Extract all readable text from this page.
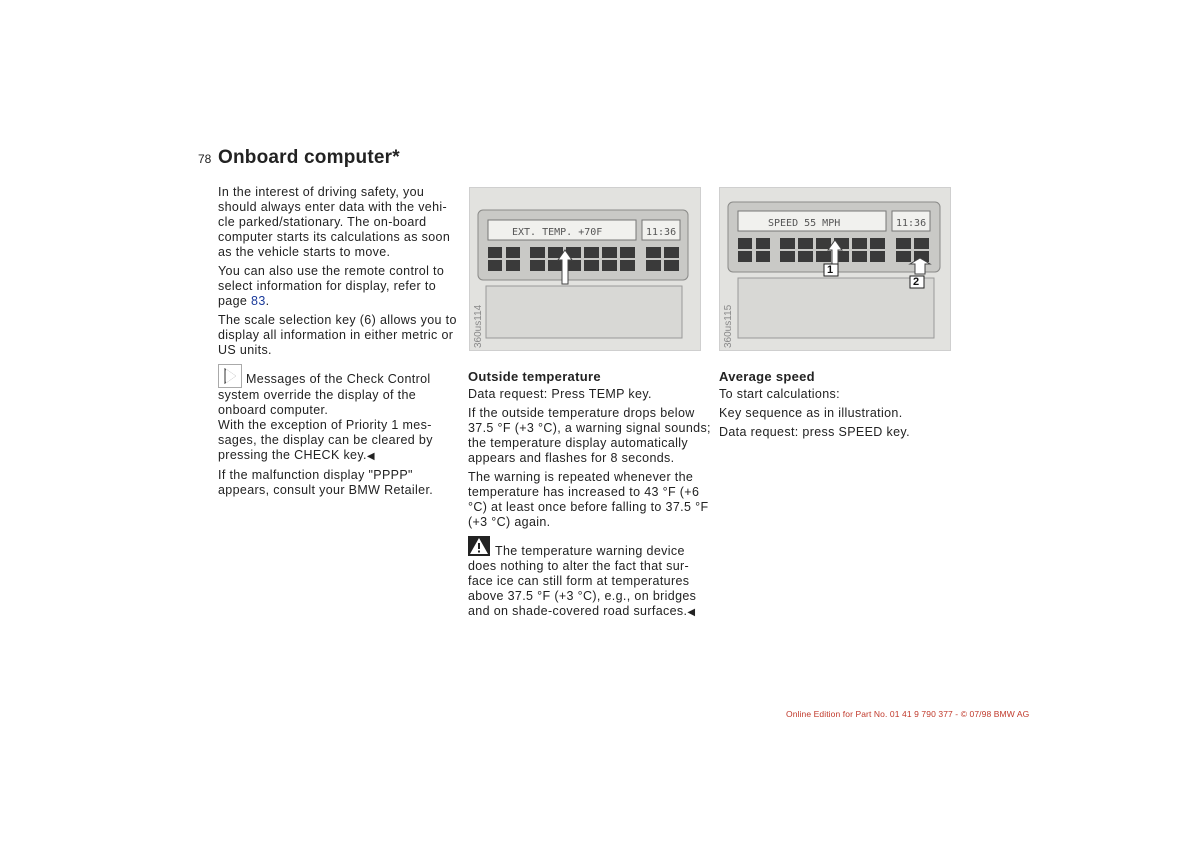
78 Onboard computer*

In the interest of driving safety, you should always enter data with the vehi-cle parked/stationary. The on-board computer starts its calculations as soon as the vehicle starts to move.

You can also use the remote control to select information for display, refer to page 83.

The scale selection key (6) allows you to display all information in either metric or US units.

Messages of the Check Control system override the display of the onboard computer.
With the exception of Priority 1 mes-sages, the display can be cleared by pressing the CHECK key.◀

If the malfunction display "PPPP" appears, consult your BMW Retailer.

EXT. TEMP. +70F	11:36
360us114
SPEED 55 MPH	11:36
1
2
360us115
Outside temperature

Data request: Press TEMP key.

If the outside temperature drops below 37.5 °F (+3 °C), a warning signal sounds; the temperature display automatically appears and flashes for 8 seconds.

The warning is repeated whenever the temperature has increased to 43 °F (+6 °C) at least once before falling to 37.5 °F (+3 °C) again.

The temperature warning device does nothing to alter the fact that sur-face ice can still form at temperatures above 37.5 °F (+3 °C), e.g., on bridges and on shade-covered road surfaces.◀

Average speed

To start calculations:

Key sequence as in illustration.

Data request: press SPEED key.

Online Edition for Part No. 01 41 9 790 377 - © 07/98 BMW AG
